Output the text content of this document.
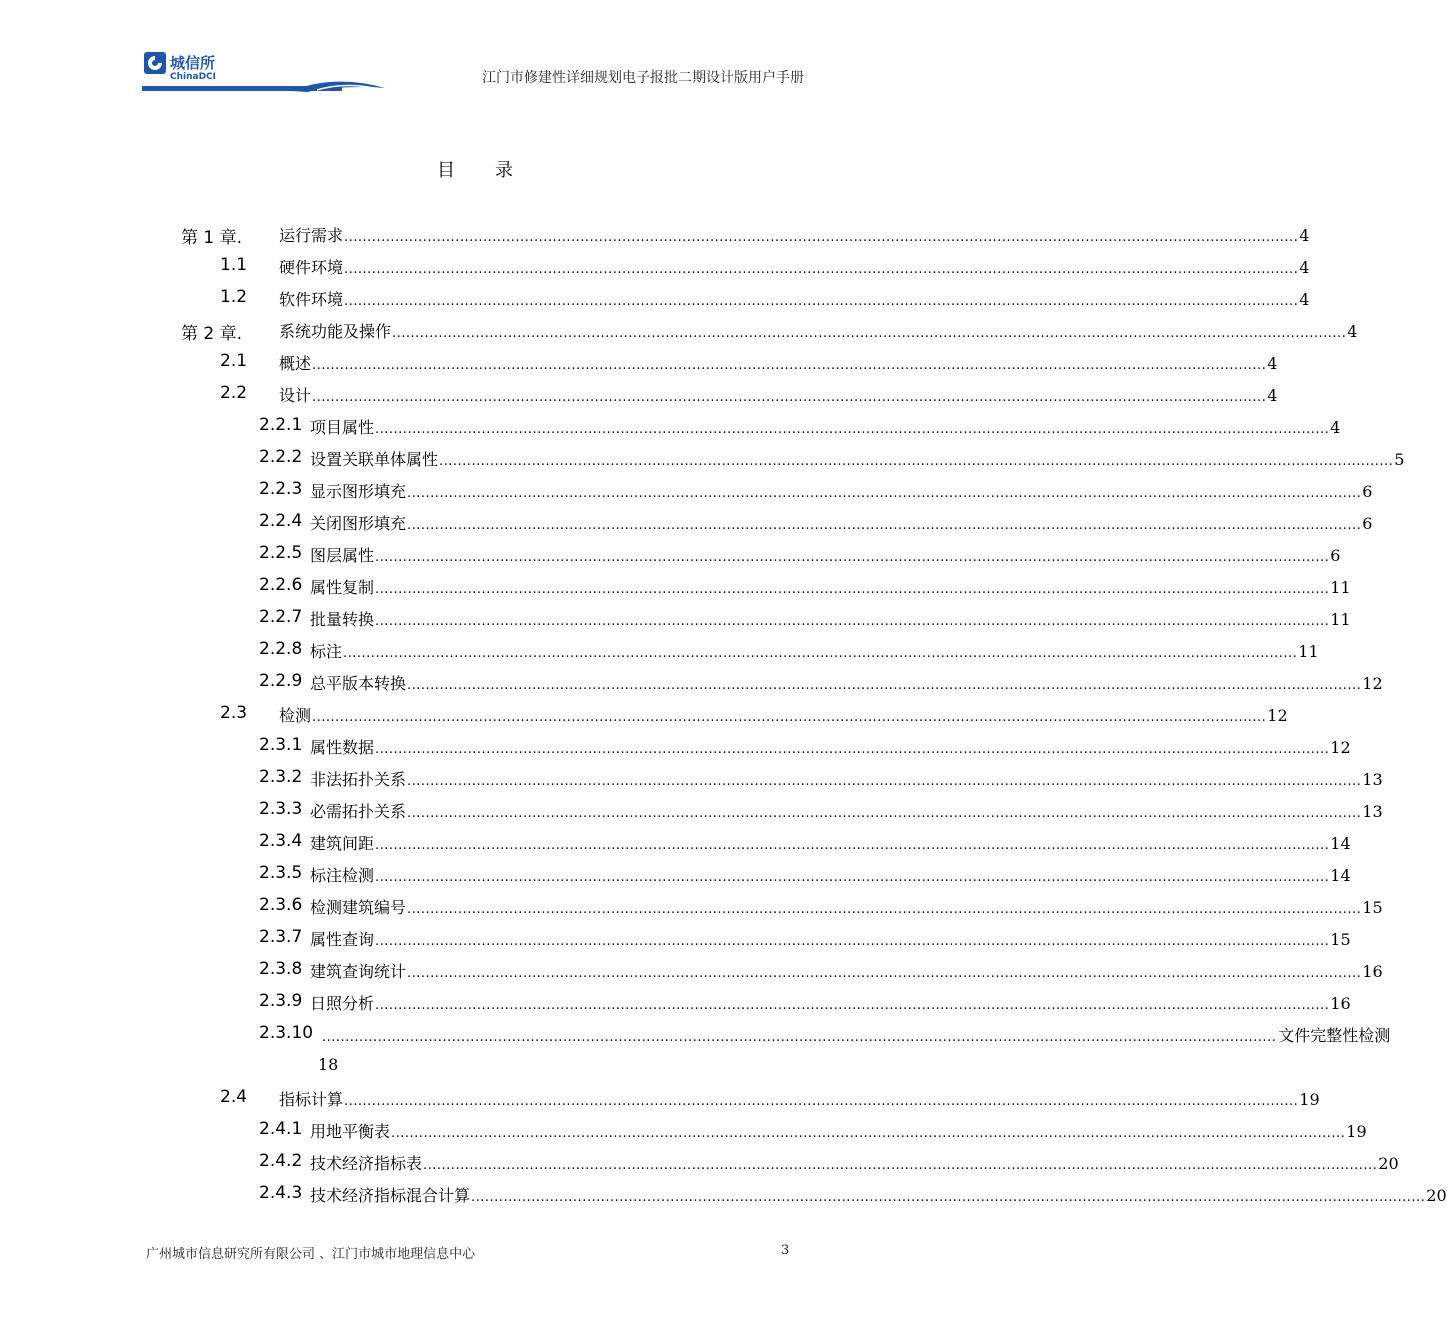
城信所
ChinaDCI	江门市修建性详细规划电子报批二期设计版用户手册
目 录
第 1 章. 运行需求 .............................................................................................................................................................................................................. 4
1.1 硬件环境 .............................................................................................................................................................................................................. 4
1.2 软件环境 .............................................................................................................................................................................................................. 4
第 2 章. 系统功能及操作 .............................................................................................................................................................................................................. 4
2.1 概述 .............................................................................................................................................................................................................. 4
2.2 设计 .............................................................................................................................................................................................................. 4
2.2.1 项目属性 .............................................................................................................................................................................................................. 4
2.2.2 设置关联单体属性 .............................................................................................................................................................................................................. 5
2.2.3 显示图形填充 .............................................................................................................................................................................................................. 6
2.2.4 关闭图形填充 .............................................................................................................................................................................................................. 6
2.2.5 图层属性 .............................................................................................................................................................................................................. 6
2.2.6 属性复制 .............................................................................................................................................................................................................. 11
2.2.7 批量转换 .............................................................................................................................................................................................................. 11
2.2.8 标注 .............................................................................................................................................................................................................. 11
2.2.9 总平版本转换 .............................................................................................................................................................................................................. 12
2.3 检测 .............................................................................................................................................................................................................. 12
2.3.1 属性数据 .............................................................................................................................................................................................................. 12
2.3.2 非法拓扑关系 .............................................................................................................................................................................................................. 13
2.3.3 必需拓扑关系 .............................................................................................................................................................................................................. 13
2.3.4 建筑间距 .............................................................................................................................................................................................................. 14
2.3.5 标注检测 .............................................................................................................................................................................................................. 14
2.3.6 检测建筑编号 .............................................................................................................................................................................................................. 15
2.3.7 属性查询 .............................................................................................................................................................................................................. 15
2.3.8 建筑查询统计 .............................................................................................................................................................................................................. 16
2.3.9 日照分析 .............................................................................................................................................................................................................. 16
2.3.10 .............................................................................................................................................................................................................. 文件完整性检测
18
2.4 指标计算 .............................................................................................................................................................................................................. 19
2.4.1 用地平衡表 .............................................................................................................................................................................................................. 19
2.4.2 技术经济指标表 .............................................................................................................................................................................................................. 20
2.4.3 技术经济指标混合计算 .............................................................................................................................................................................................................. 20
广州城市信息研究所有限公司 、江门市城市地理信息中心	3
